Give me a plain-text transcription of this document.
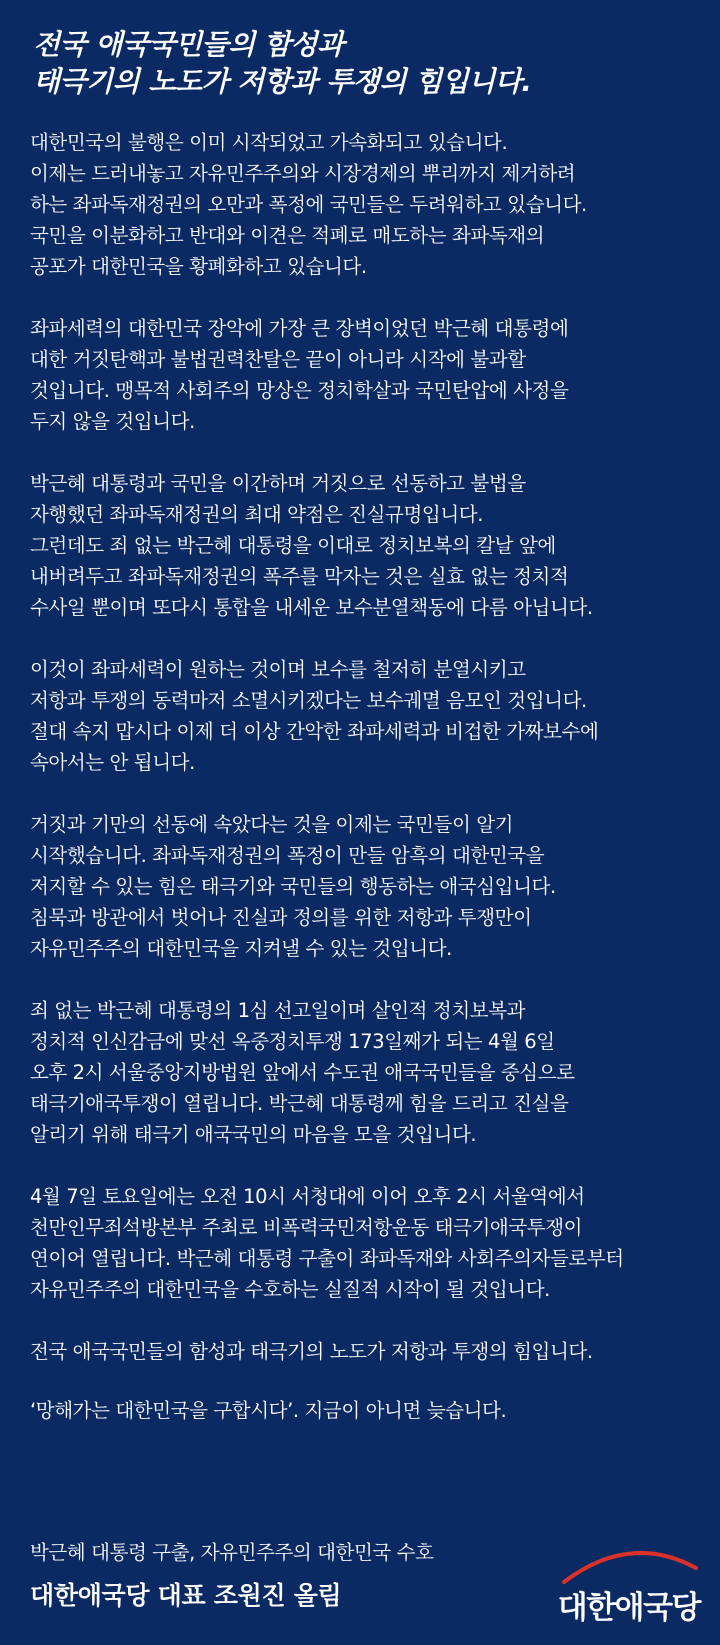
전국 애국국민들의 함성과
태극기의 노도가 저항과 투쟁의 힘입니다.
대한민국의 불행은 이미 시작되었고 가속화되고 있습니다.
이제는 드러내놓고 자유민주주의와 시장경제의 뿌리까지 제거하려
하는 좌파독재정권의 오만과 폭정에 국민들은 두려워하고 있습니다.
국민을 이분화하고 반대와 이견은 적폐로 매도하는 좌파독재의
공포가 대한민국을 황폐화하고 있습니다.
좌파세력의 대한민국 장악에 가장 큰 장벽이었던 박근혜 대통령에
대한 거짓탄핵과 불법권력찬탈은 끝이 아니라 시작에 불과할
것입니다. 맹목적 사회주의 망상은 정치학살과 국민탄압에 사정을
두지 않을 것입니다.
박근혜 대통령과 국민을 이간하며 거짓으로 선동하고 불법을
자행했던 좌파독재정권의 최대 약점은 진실규명입니다.
그런데도 죄 없는 박근혜 대통령을 이대로 정치보복의 칼날 앞에
내버려두고 좌파독재정권의 폭주를 막자는 것은 실효 없는 정치적
수사일 뿐이며 또다시 통합을 내세운 보수분열책동에 다름 아닙니다.
이것이 좌파세력이 원하는 것이며 보수를 철저히 분열시키고
저항과 투쟁의 동력마저 소멸시키겠다는 보수궤멸 음모인 것입니다.
절대 속지 맙시다 이제 더 이상 간악한 좌파세력과 비겁한 가짜보수에
속아서는 안 됩니다.
거짓과 기만의 선동에 속았다는 것을 이제는 국민들이 알기
시작했습니다. 좌파독재정권의 폭정이 만들 암흑의 대한민국을
저지할 수 있는 힘은 태극기와 국민들의 행동하는 애국심입니다.
침묵과 방관에서 벗어나 진실과 정의를 위한 저항과 투쟁만이
자유민주주의 대한민국을 지켜낼 수 있는 것입니다.
죄 없는 박근혜 대통령의 1심 선고일이며 살인적 정치보복과
정치적 인신감금에 맞선 옥중정치투쟁 173일째가 되는 4월 6일
오후 2시 서울중앙지방법원 앞에서 수도권 애국국민들을 중심으로
태극기애국투쟁이 열립니다. 박근혜 대통령께 힘을 드리고 진실을
알리기 위해 태극기 애국국민의 마음을 모을 것입니다.
4월 7일 토요일에는 오전 10시 서청대에 이어 오후 2시 서울역에서
천만인무죄석방본부 주최로 비폭력국민저항운동 태극기애국투쟁이
연이어 열립니다. 박근혜 대통령 구출이 좌파독재와 사회주의자들로부터
자유민주주의 대한민국을 수호하는 실질적 시작이 될 것입니다.
전국 애국국민들의 함성과 태극기의 노도가 저항과 투쟁의 힘입니다.
‘망해가는 대한민국을 구합시다’. 지금이 아니면 늦습니다.
박근혜 대통령 구출, 자유민주주의 대한민국 수호
대한애국당 대표 조원진 올림	대한애국당
